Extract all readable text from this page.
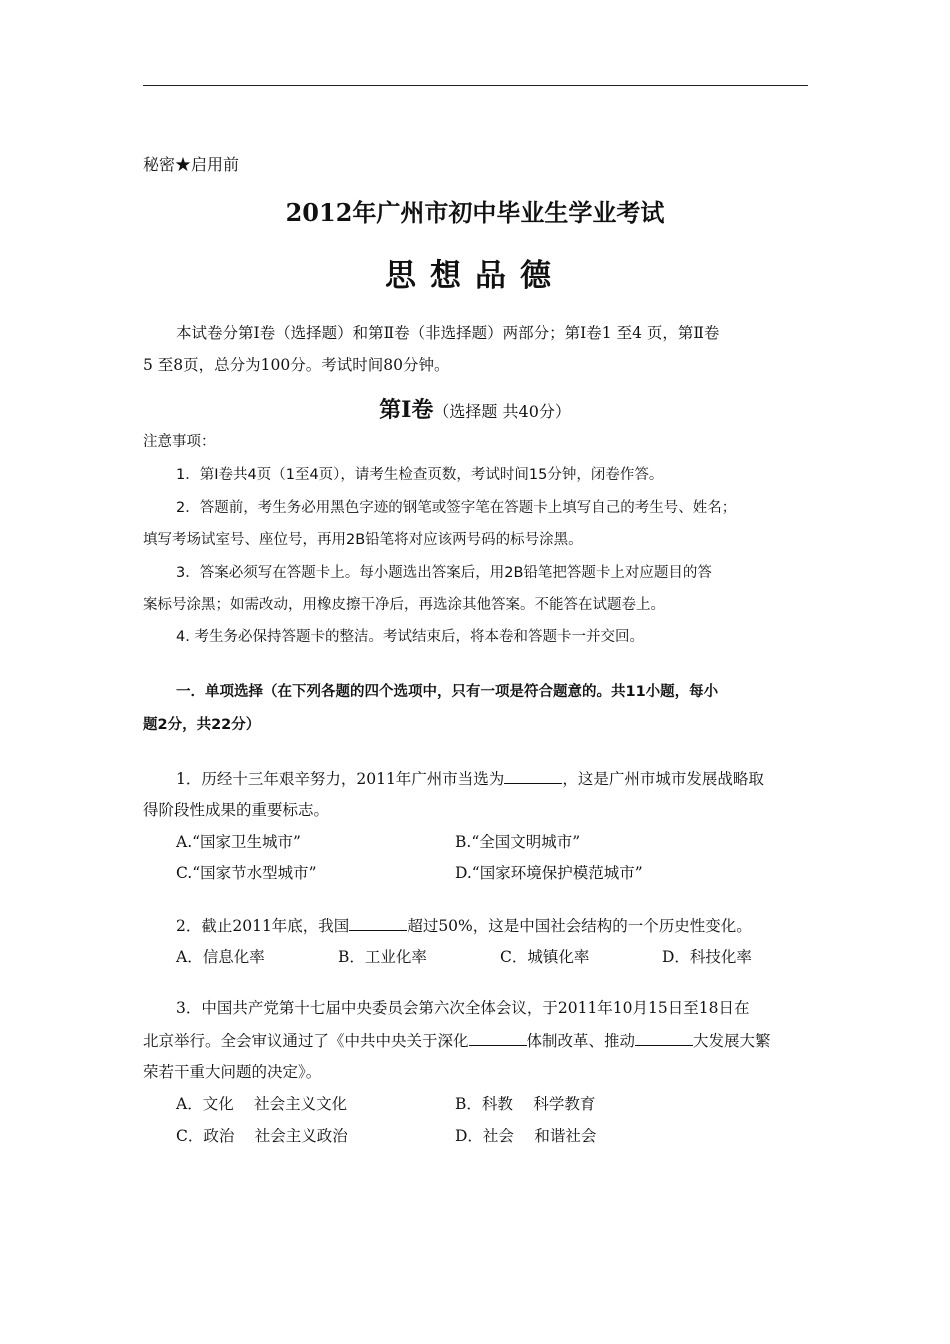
秘密★启用前
2012年广州市初中毕业生学业考试
思想品德
本试卷分第Ⅰ卷（选择题）和第Ⅱ卷（非选择题）两部分；第Ⅰ卷1 至4 页，第Ⅱ卷
5 至8页，总分为100分。考试时间80分钟。
第Ⅰ卷（选择题 共40分）
注意事项：
1．第Ⅰ卷共4页（1至4页），请考生检查页数，考试时间15分钟，闭卷作答。
2．答题前，考生务必用黑色字迹的钢笔或签字笔在答题卡上填写自己的考生号、姓名；
填写考场试室号、座位号，再用2B铅笔将对应该两号码的标号涂黑。
3．答案必须写在答题卡上。每小题选出答案后，用2B铅笔把答题卡上对应题目的答
案标号涂黑；如需改动，用橡皮擦干净后，再选涂其他答案。不能答在试题卷上。
4. 考生务必保持答题卡的整洁。考试结束后，将本卷和答题卡一并交回。
一．单项选择（在下列各题的四个选项中，只有一项是符合题意的。共11小题，每小
题2分，共22分）
1．历经十三年艰辛努力，2011年广州市当选为	，这是广州市城市发展战略取
得阶段性成果的重要标志。
A.“国家卫生城市”	B.“全国文明城市”
C.“国家节水型城市”	D.“国家环境保护模范城市”
2．截止2011年底，我国	超过50%，这是中国社会结构的一个历史性变化。
A．信息化率	B．工业化率	C．城镇化率	D．科技化率
3．中国共产党第十七届中央委员会第六次全体会议，于2011年10月15日至18日在
北京举行。全会审议通过了《中共中央关于深化	体制改革、推动	大发展大繁
荣若干重大问题的决定》。
A．文化　 社会主义文化	B．科教　 科学教育
C．政治　 社会主义政治	D．社会　 和谐社会
